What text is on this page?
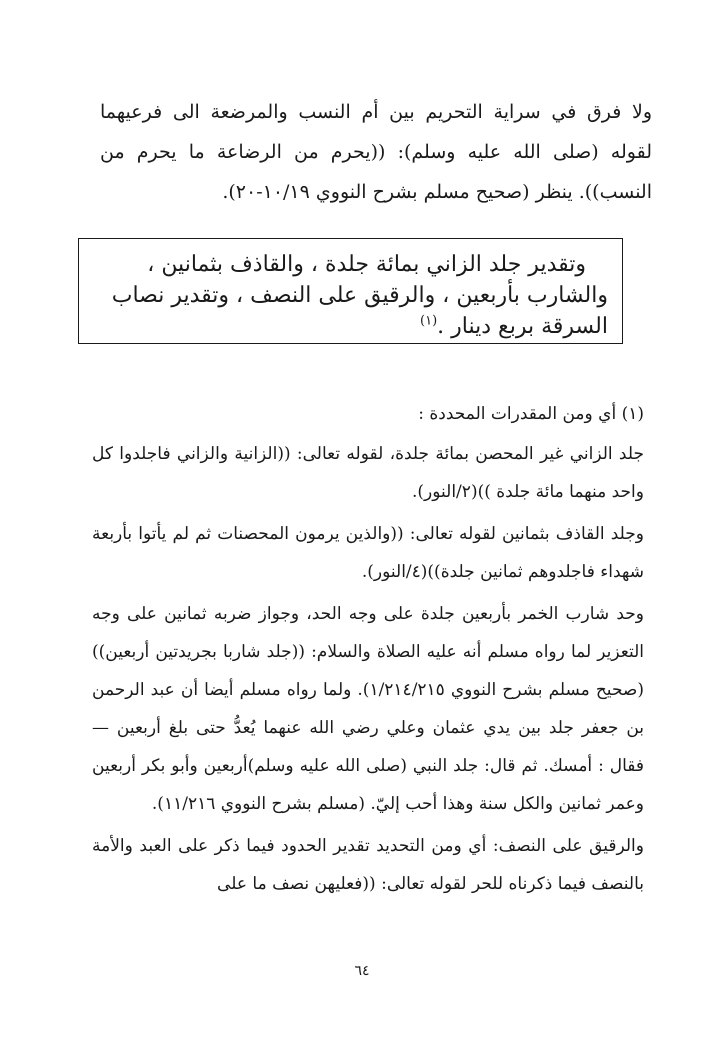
ولا فرق في سراية التحريم بين أم النسب والمرضعة الى فرعيهما لقوله (صلى الله عليه وسلم): ((يحرم من الرضاعة ما يحرم من النسب)). ينظر (صحيح مسلم بشرح النووي ١٠/١٩-٢٠).
وتقدير جلد الزاني بمائة جلدة ، والقاذف بثمانين ،
والشارب بأربعين ، والرقيق على النصف ، وتقدير نصاب
السرقة بربع دينار .$^{(١)}$

(١) أي ومن المقدرات المحددة :

جلد الزاني غير المحصن بمائة جلدة، لقوله تعالى: ((الزانية والزاني فاجلدوا كل واحد منهما مائة جلدة ))(٢/النور).

وجلد القاذف بثمانين لقوله تعالى: ((والذين يرمون المحصنات ثم لم يأتوا بأربعة شهداء فاجلدوهم ثمانين جلدة))(٤/النور).

وحد شارب الخمر بأربعين جلدة على وجه الحد، وجواز ضربه ثمانين على وجه التعزير لما رواه مسلم أنه عليه الصلاة والسلام: ((جلد شاربا بجريدتين أربعين))(صحيح مسلم بشرح النووي ١/٢١٤/٢١٥). ولما رواه مسلم أيضا أن عبد الرحمن بن جعفر جلد بين يدي عثمان وعلي رضي الله عنهما يُعدُّ حتى بلغ أربعين — فقال : أمسك. ثم قال: جلد النبي (صلى الله عليه وسلم)أربعين وأبو بكر أربعين وعمر ثمانين والكل سنة وهذا أحب إليّ. (مسلم بشرح النووي ١١/٢١٦).

والرقيق على النصف: أي ومن التحديد تقدير الحدود فيما ذكر على العبد والأمة بالنصف فيما ذكرناه للحر لقوله تعالى: ((فعليهن نصف ما على

٦٤
